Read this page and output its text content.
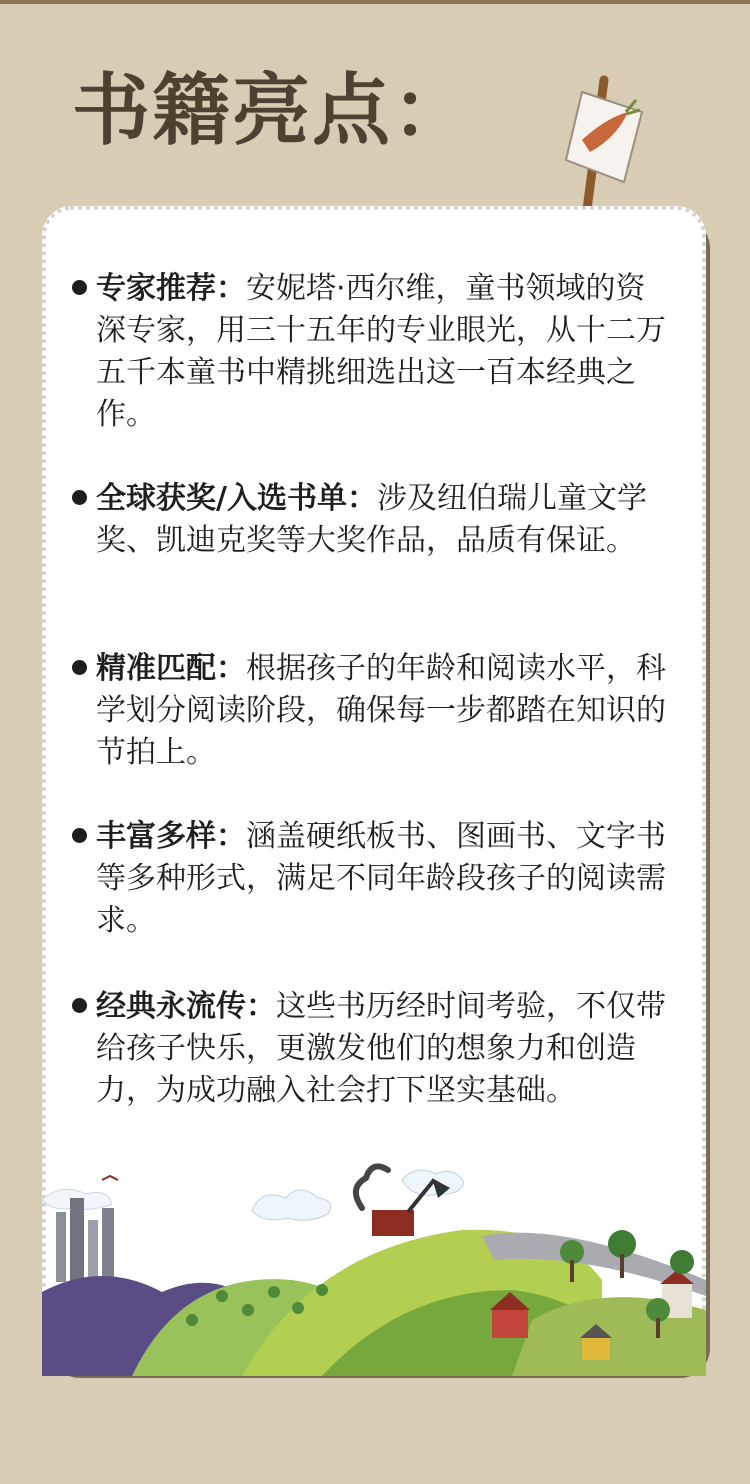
书籍亮点：
专家推荐：安妮塔·西尔维，童书领域的资深专家，用三十五年的专业眼光，从十二万五千本童书中精挑细选出这一百本经典之作。
全球获奖/入选书单：涉及纽伯瑞儿童文学奖、凯迪克奖等大奖作品，品质有保证。
精准匹配：根据孩子的年龄和阅读水平，科学划分阅读阶段，确保每一步都踏在知识的节拍上。
丰富多样：涵盖硬纸板书、图画书、文字书等多种形式，满足不同年龄段孩子的阅读需求。
经典永流传：这些书历经时间考验，不仅带给孩子快乐，更激发他们的想象力和创造力，为成功融入社会打下坚实基础。
